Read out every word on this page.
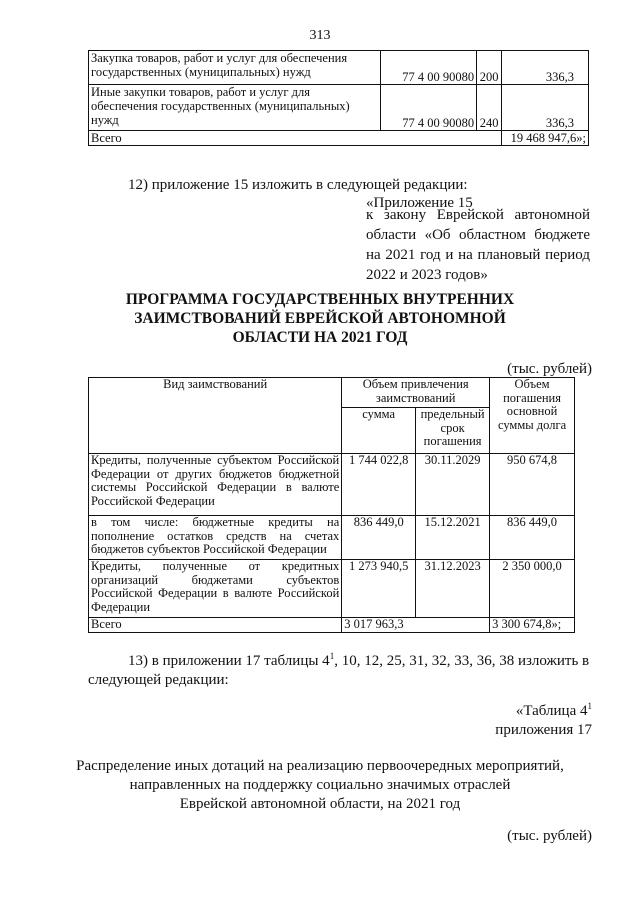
313
Закупка товаров, работ и услуг для обеспечения государственных (муниципальных) нужд	77 4 00 90080	200	336,3
Иные закупки товаров, работ и услуг для обеспечения государственных (муниципальных) нужд	77 4 00 90080	240	336,3
Всего			19 468 947,6»;
12) приложение 15 изложить в следующей редакции:
«Приложение 15
к закону Еврейской автономной
области «Об областном бюджете
на 2021 год и на плановый период
2022 и 2023 годов»
ПРОГРАММА ГОСУДАРСТВЕННЫХ ВНУТРЕННИХ
ЗАИМСТВОВАНИЙ ЕВРЕЙСКОЙ АВТОНОМНОЙ
ОБЛАСТИ НА 2021 ГОД
(тыс. рублей)
Вид заимствований	Объем привлечения заимствований		Объем погашения основной суммы долга
	сумма	предельный срок погашения	
Кредиты, полученные субъектом Российской Федерации от других бюджетов бюджетной системы Российской Федерации в валюте Российской Федерации	1 744 022,8	30.11.2029	950 674,8
в том числе: бюджетные кредиты на пополнение остатков средств на счетах бюджетов субъектов Российской Федерации	836 449,0	15.12.2021	836 449,0
Кредиты, полученные от кредитных организаций бюджетами субъектов Российской Федерации в валюте Российской Федерации	1 273 940,5	31.12.2023	2 350 000,0
Всего	3 017 963,3		3 300 674,8»;
13) в приложении 17 таблицы $4^1$, 10, 12, 25, 31, 32, 33, 36, 38 изложить в
следующей редакции:
«Таблица $4^1$
приложения 17
Распределение иных дотаций на реализацию первоочередных мероприятий,
направленных на поддержку социально значимых отраслей
Еврейской автономной области, на 2021 год
(тыс. рублей)
